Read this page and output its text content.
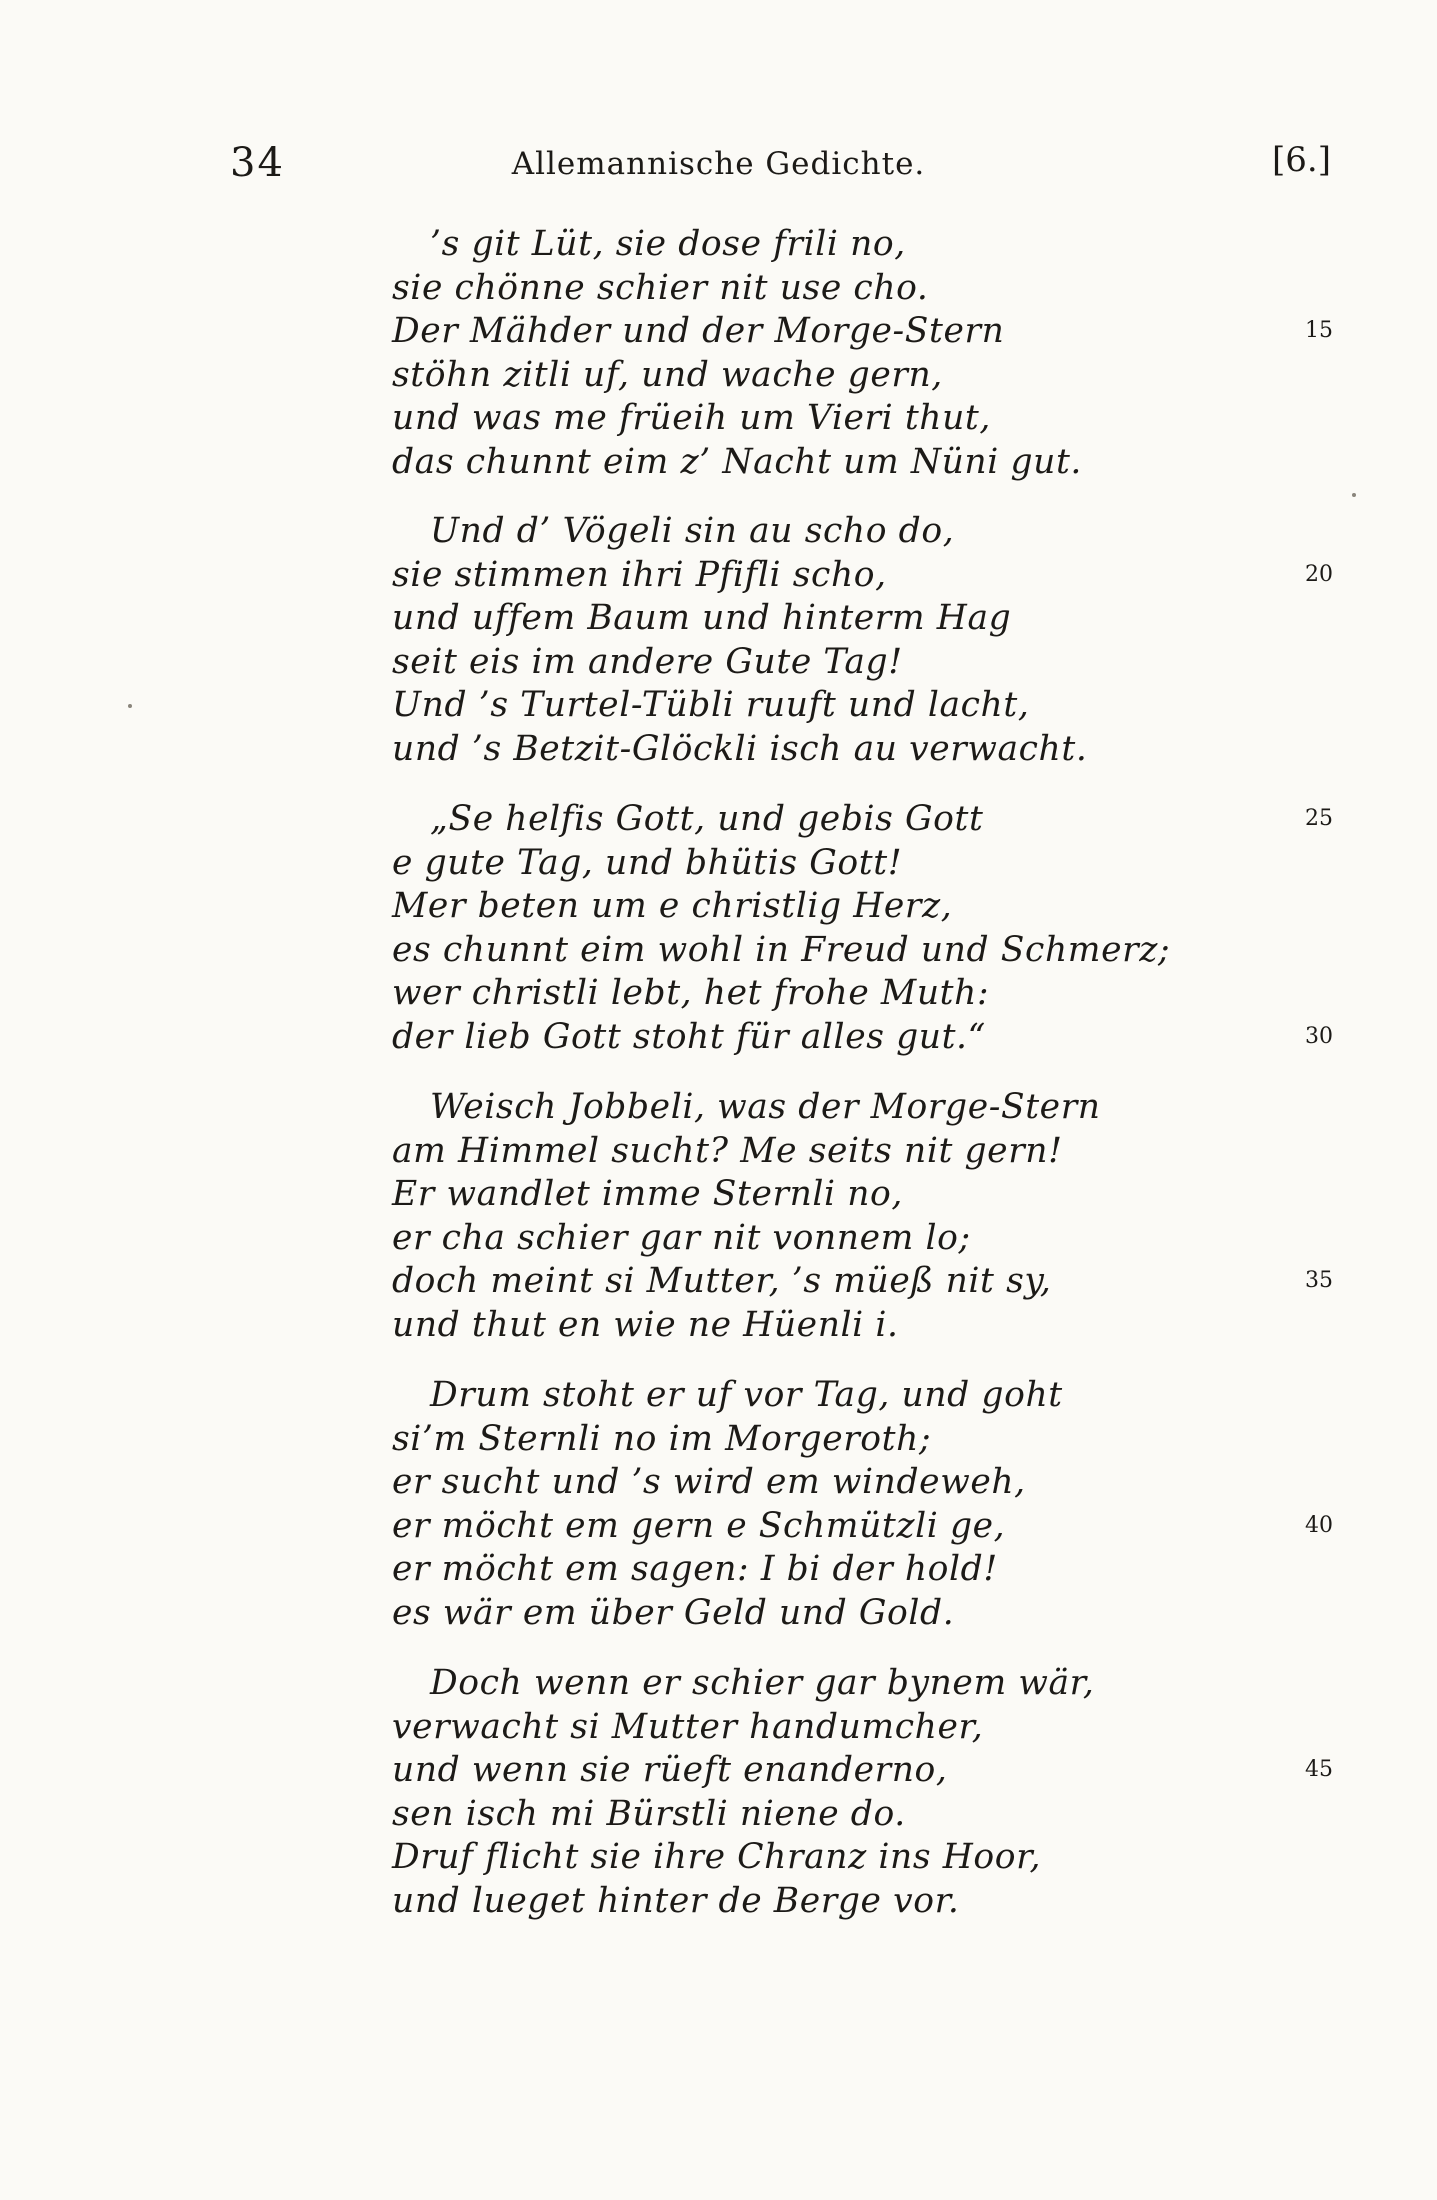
34	Allemannische Gedichte.	[6.]
’s git Lüt, sie dose frili no,
sie chönne schier nit use cho.
Der Mähder und der Morge-Stern	15
stöhn zitli uf, und wache gern,
und was me früeih um Vieri thut,
das chunnt eim z’ Nacht um Nüni gut.
Und d’ Vögeli sin au scho do,
sie stimmen ihri Pfifli scho,	20
und uffem Baum und hinterm Hag
seit eis im andere Gute Tag!
Und ’s Turtel-Tübli ruuft und lacht,
und ’s Betzit-Glöckli isch au verwacht.
„Se helfis Gott, und gebis Gott	25
e gute Tag, und bhütis Gott!
Mer beten um e christlig Herz,
es chunnt eim wohl in Freud und Schmerz;
wer christli lebt, het frohe Muth:
der lieb Gott stoht für alles gut.“	30
Weisch Jobbeli, was der Morge-Stern
am Himmel sucht? Me seits nit gern!
Er wandlet imme Sternli no,
er cha schier gar nit vonnem lo;
doch meint si Mutter, ’s müeß nit sy,	35
und thut en wie ne Hüenli i.
Drum stoht er uf vor Tag, und goht
si’m Sternli no im Morgeroth;
er sucht und ’s wird em windeweh,
er möcht em gern e Schmützli ge,	40
er möcht em sagen: I bi der hold!
es wär em über Geld und Gold.
Doch wenn er schier gar bynem wär,
verwacht si Mutter handumcher,
und wenn sie rüeft enanderno,	45
sen isch mi Bürstli niene do.
Druf flicht sie ihre Chranz ins Hoor,
und lueget hinter de Berge vor.
